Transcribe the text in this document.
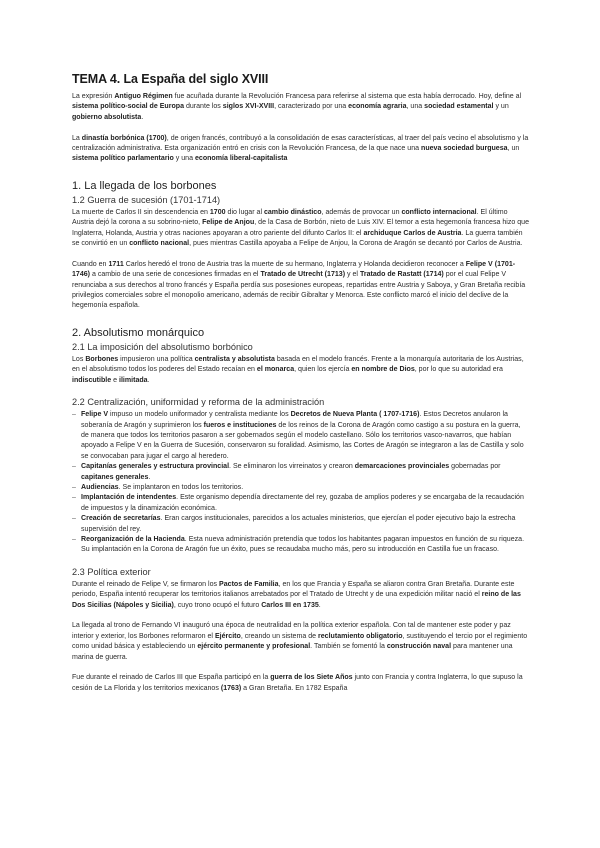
TEMA 4. La España del siglo XVIII

La expresión Antiguo Régimen fue acuñada durante la Revolución Francesa para referirse al sistema que esta había derrocado. Hoy, define al sistema político-social de Europa durante los siglos XVI-XVIII, caracterizado por una economía agraria, una sociedad estamental y un gobierno absolutista.

La dinastía borbónica (1700), de origen francés, contribuyó a la consolidación de esas características, al traer del país vecino el absolutismo y la centralización administrativa. Esta organización entró en crisis con la Revolución Francesa, de la que nace una nueva sociedad burguesa, un sistema político parlamentario y una economía liberal-capitalista

1. La llegada de los borbones
1.2 Guerra de sucesión (1701-1714)

La muerte de Carlos II sin descendencia en 1700 dio lugar al cambio dinástico, además de provocar un conflicto internacional. El último Austria dejó la corona a su sobrino-nieto, Felipe de Anjou, de la Casa de Borbón, nieto de Luis XIV. El temor a esta hegemonía francesa hizo que Inglaterra, Holanda, Austria y otras naciones apoyaran a otro pariente del difunto Carlos II: el archiduque Carlos de Austria. La guerra también se convirtió en un conflicto nacional, pues mientras Castilla apoyaba a Felipe de Anjou, la Corona de Aragón se decantó por Carlos de Austria.

Cuando en 1711 Carlos heredó el trono de Austria tras la muerte de su hermano, Inglaterra y Holanda decidieron reconocer a Felipe V (1701-1746) a cambio de una serie de concesiones firmadas en el Tratado de Utrecht (1713) y el Tratado de Rastatt (1714) por el cual Felipe V renunciaba a sus derechos al trono francés y España perdía sus posesiones europeas, repartidas entre Austria y Saboya, y Gran Bretaña recibía privilegios comerciales sobre el monopolio americano, además de recibir Gibraltar y Menorca. Este conflicto marcó el inicio del declive de la hegemonía española.

2. Absolutismo monárquico
2.1 La imposición del absolutismo borbónico

Los Borbones impusieron una política centralista y absolutista basada en el modelo francés. Frente a la monarquía autoritaria de los Austrias, en el absolutismo todos los poderes del Estado recaían en el monarca, quien los ejercía en nombre de Dios, por lo que su autoridad era indiscutible e ilimitada.

2.2 Centralización, uniformidad y reforma de la administración
– Felipe V impuso un modelo uniformador y centralista mediante los Decretos de Nueva Planta ( 1707-1716). Estos Decretos anularon la soberanía de Aragón y suprimieron los fueros e instituciones de los reinos de la Corona de Aragón como castigo a su postura en la guerra, de manera que todos los territorios pasaron a ser gobernados según el modelo castellano. Sólo los territorios vasco-navarros, que habían apoyado a Felipe V en la Guerra de Sucesión, conservaron su foralidad. Asimismo, las Cortes de Aragón se integraron a las de Castilla y solo se convocaban para jugar el cargo al heredero.
– Capitanías generales y estructura provincial. Se eliminaron los virreinatos y crearon demarcaciones provinciales gobernadas por capitanes generales.
– Audiencias. Se implantaron en todos los territorios.
– Implantación de intendentes. Este organismo dependía directamente del rey, gozaba de amplios poderes y se encargaba de la recaudación de impuestos y la dinamización económica.
– Creación de secretarías. Eran cargos institucionales, parecidos a los actuales ministerios, que ejercían el poder ejecutivo bajo la estrecha supervisión del rey.
– Reorganización de la Hacienda. Esta nueva administración pretendía que todos los habitantes pagaran impuestos en función de su riqueza. Su implantación en la Corona de Aragón fue un éxito, pues se recaudaba mucho más, pero su introducción en Castilla fue un fracaso.
2.3 Política exterior

Durante el reinado de Felipe V, se firmaron los Pactos de Familia, en los que Francia y España se aliaron contra Gran Bretaña. Durante este periodo, España intentó recuperar los territorios italianos arrebatados por el Tratado de Utrecht y de una expedición militar nació el reino de las Dos Sicilias (Nápoles y Sicilia), cuyo trono ocupó el futuro Carlos III en 1735.

La llegada al trono de Fernando VI inauguró una época de neutralidad en la política exterior española. Con tal de mantener este poder y paz interior y exterior, los Borbones reformaron el Ejército, creando un sistema de reclutamiento obligatorio, sustituyendo el tercio por el regimiento como unidad básica y estableciendo un ejército permanente y profesional. También se fomentó la construcción naval para mantener una marina de guerra.

Fue durante el reinado de Carlos III que España participó en la guerra de los Siete Años junto con Francia y contra Inglaterra, lo que supuso la cesión de La Florida y los territorios mexicanos (1763) a Gran Bretaña. En 1782 España
